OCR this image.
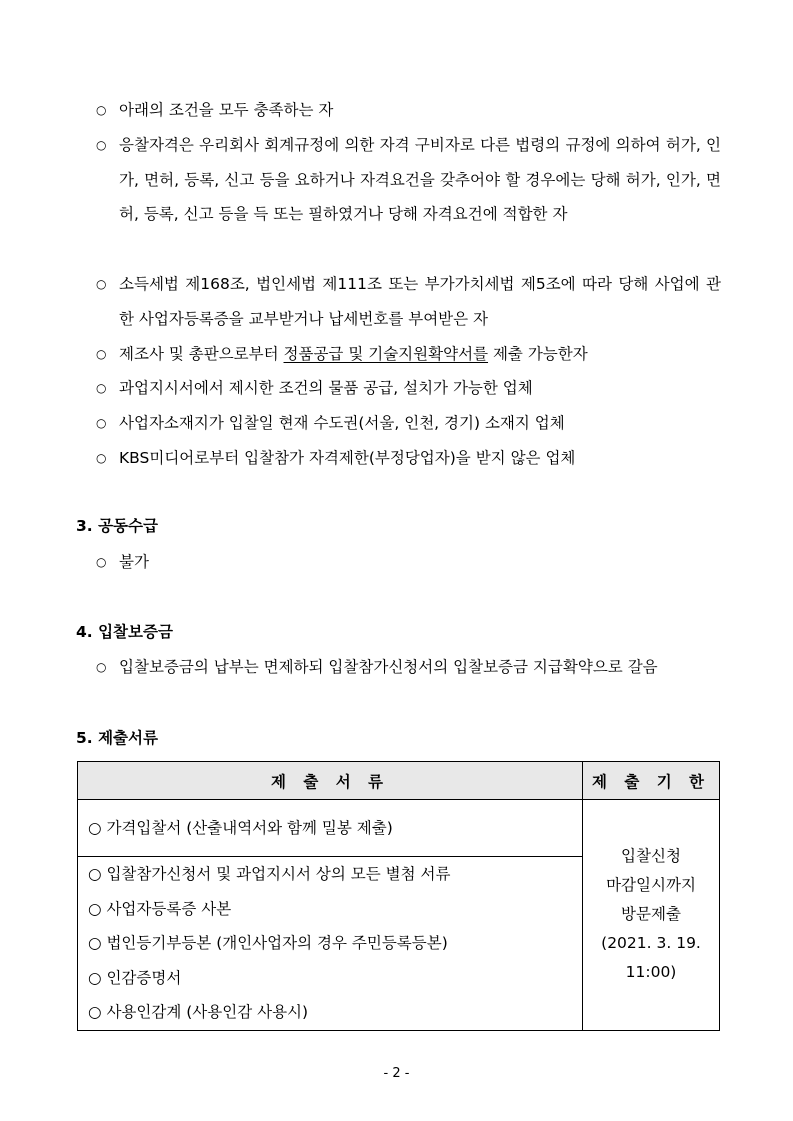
○ 아래의 조건을 모두 충족하는 자
○ 응찰자격은 우리회사 회계규정에 의한 자격 구비자로 다른 법령의 규정에 의하여 허가, 인가, 면허, 등록, 신고 등을 요하거나 자격요건을 갖추어야 할 경우에는 당해 허가, 인가, 면허, 등록, 신고 등을 득 또는 필하였거나 당해 자격요건에 적합한 자
○ 소득세법 제168조, 법인세법 제111조 또는 부가가치세법 제5조에 따라 당해 사업에 관한 사업자등록증을 교부받거나 납세번호를 부여받은 자
○ 제조사 및 총판으로부터 정품공급 및 기술지원확약서를 제출 가능한자
○ 과업지시서에서 제시한 조건의 물품 공급, 설치가 가능한 업체
○ 사업자소재지가 입찰일 현재 수도권(서울, 인천, 경기) 소재지 업체
○ KBS미디어로부터 입찰참가 자격제한(부정당업자)을 받지 않은 업체
3. 공동수급
○ 불가
4. 입찰보증금
○ 입찰보증금의 납부는 면제하되 입찰참가신청서의 입찰보증금 지급확약으로 갈음
5. 제출서류
제 출 서 류	제 출 기 한

○ 가격입찰서 (산출내역서와 함께 밀봉 제출)	입찰신청
마감일시까지
방문제출
(2021. 3. 19.
11:00)

○ 입찰참가신청서 및 과업지시서 상의 모든 별첨 서류
○ 사업자등록증 사본
○ 법인등기부등본 (개인사업자의 경우 주민등록등본)
○ 인감증명서
○ 사용인감계 (사용인감 사용시)	
- 2 -
